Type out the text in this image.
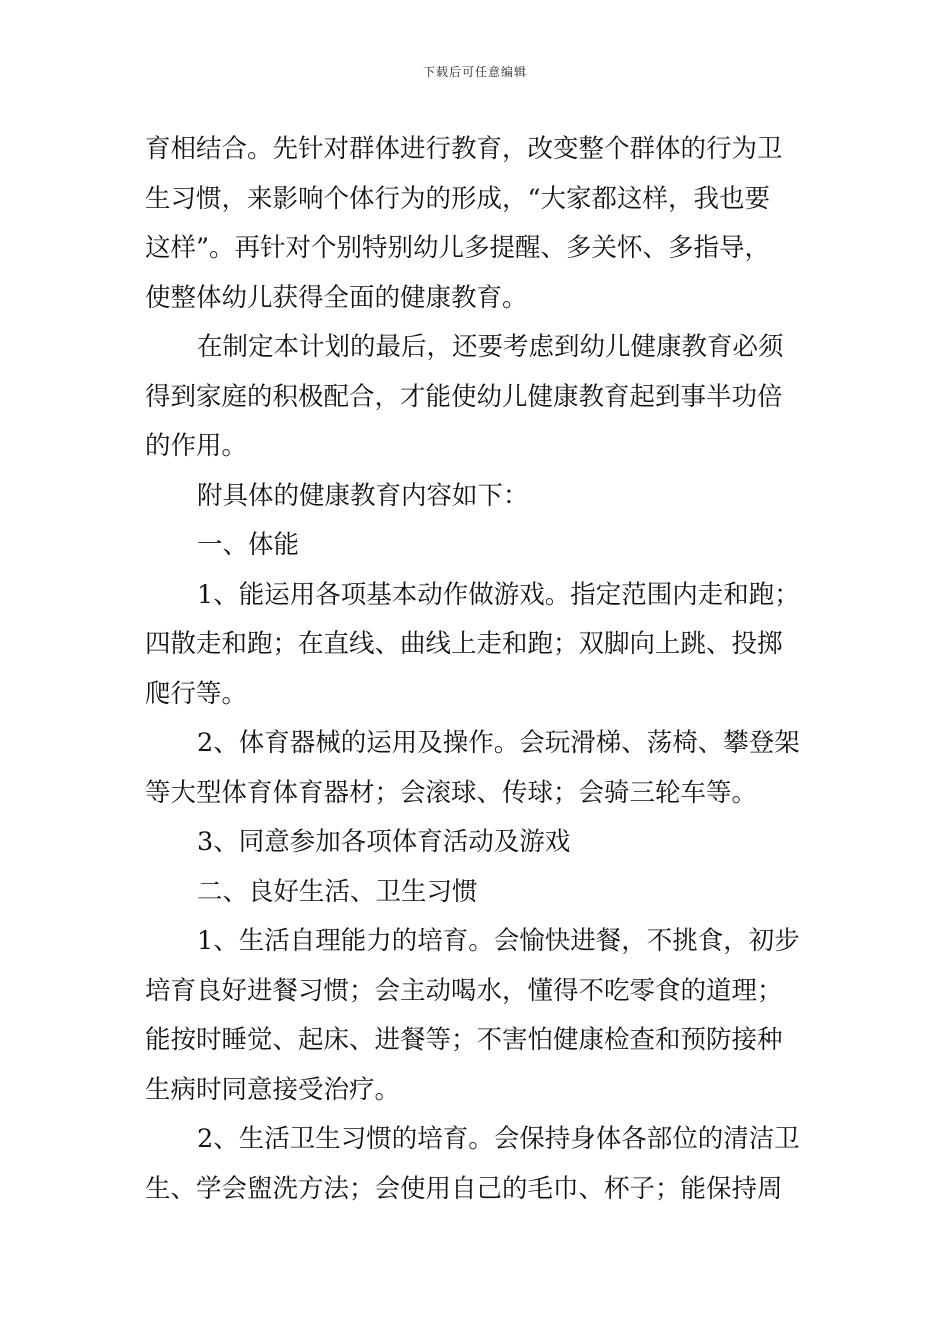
下载后可任意编辑
育相结合。先针对群体进行教育，改变整个群体的行为卫
生习惯，来影响个体行为的形成，“大家都这样，我也要
这样”。再针对个别特别幼儿多提醒、多关怀、多指导，
使整体幼儿获得全面的健康教育。
在制定本计划的最后，还要考虑到幼儿健康教育必须
得到家庭的积极配合，才能使幼儿健康教育起到事半功倍
的作用。
附具体的健康教育内容如下：
一、体能
1、能运用各项基本动作做游戏。指定范围内走和跑；
四散走和跑；在直线、曲线上走和跑；双脚向上跳、投掷
爬行等。
2、体育器械的运用及操作。会玩滑梯、荡椅、攀登架
等大型体育体育器材；会滚球、传球；会骑三轮车等。
3、同意参加各项体育活动及游戏
二、良好生活、卫生习惯
1、生活自理能力的培育。会愉快进餐，不挑食，初步
培育良好进餐习惯；会主动喝水，懂得不吃零食的道理；
能按时睡觉、起床、进餐等；不害怕健康检查和预防接种
生病时同意接受治疗。
2、生活卫生习惯的培育。会保持身体各部位的清洁卫
生、学会盥洗方法；会使用自己的毛巾、杯子；能保持周
